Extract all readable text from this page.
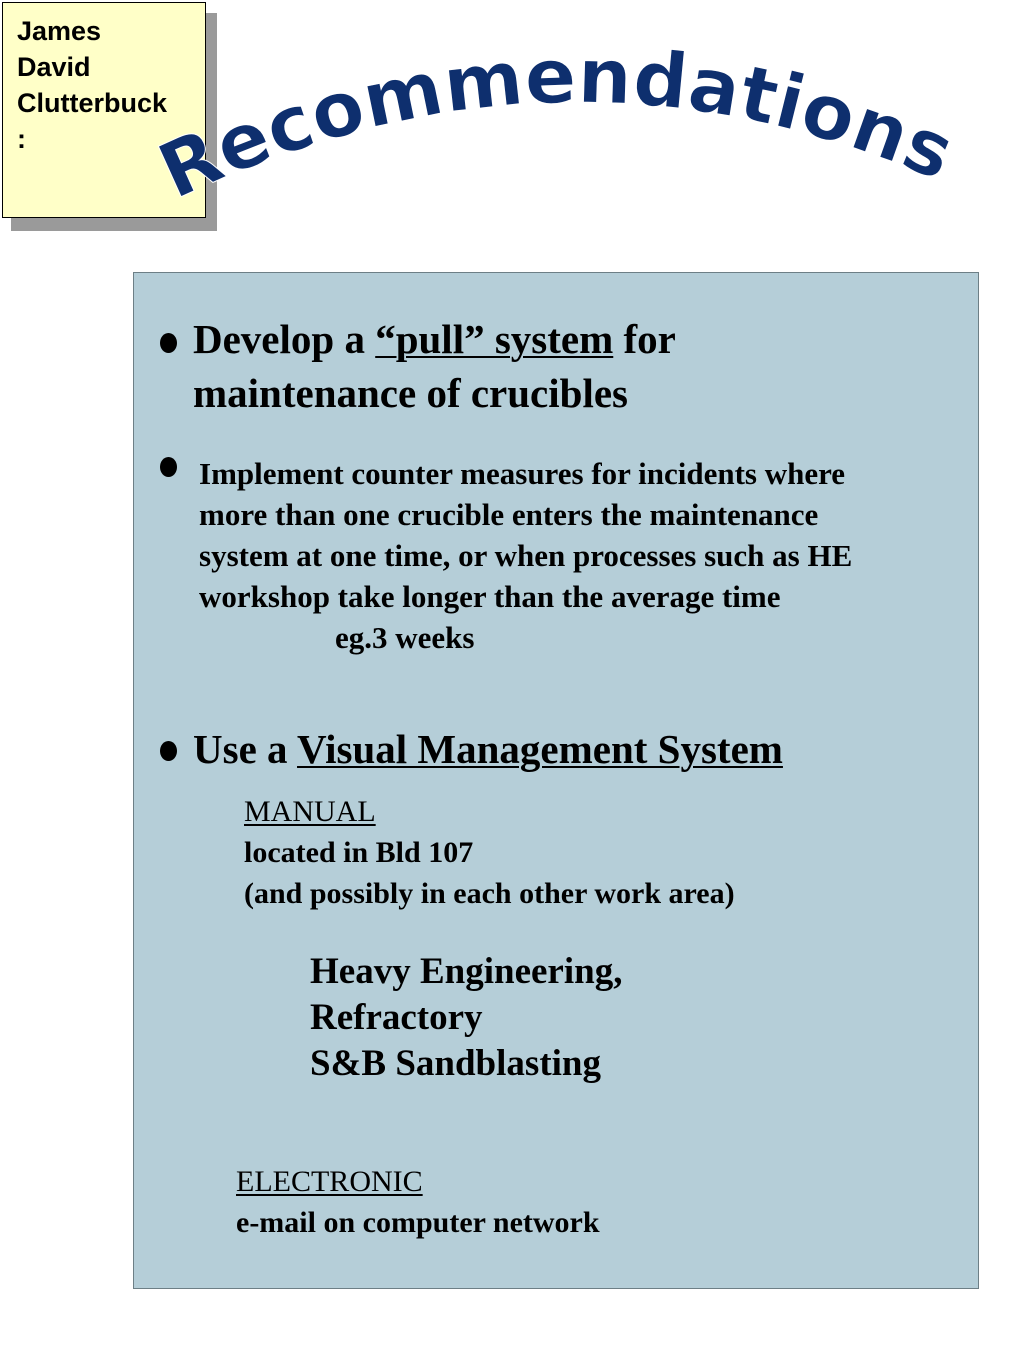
James
David
Clutterbuck
:	Recommendations
Develop a “pull” system for
maintenance of crucibles
Implement counter measures for incidents where
more than one crucible enters the maintenance
system at one time, or when processes such as HE
workshop take longer than the average time
eg.3 weeks
Use a Visual Management System
MANUAL
located in Bld 107
(and possibly in each other work area)
Heavy Engineering,
Refractory
S&B Sandblasting
ELECTRONIC
e-mail on computer network
